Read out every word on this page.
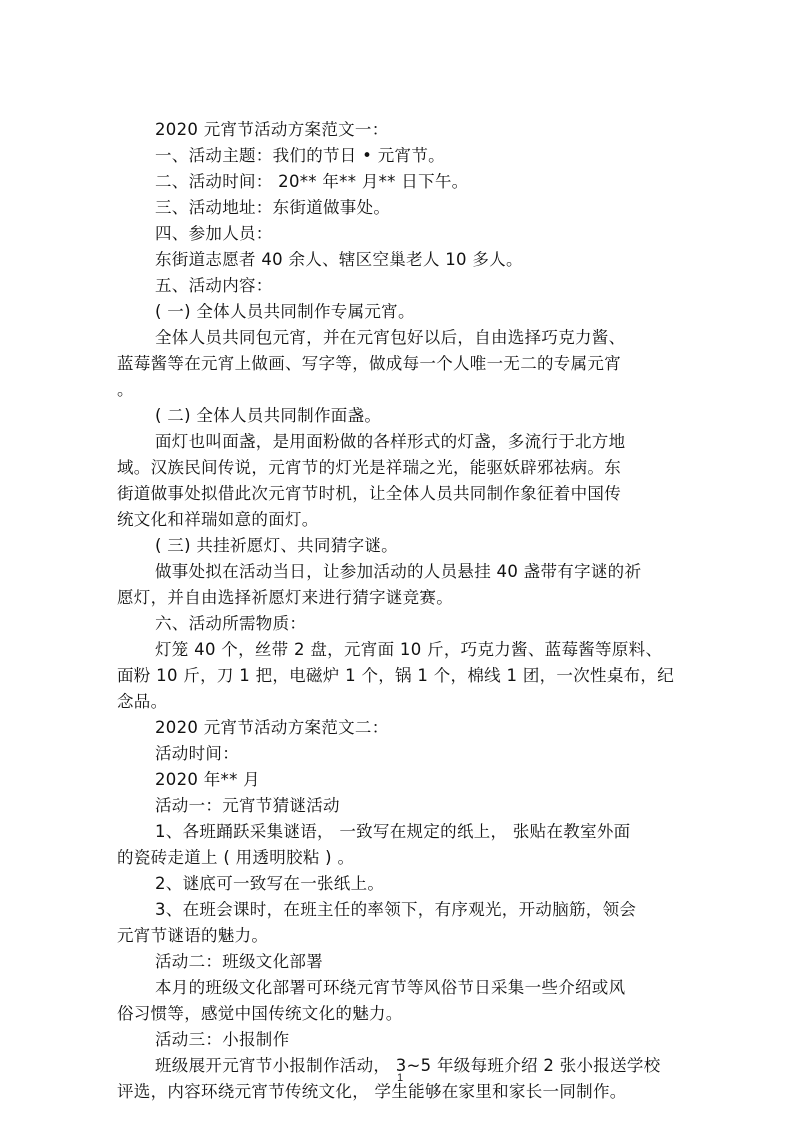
2020 元宵节活动方案范文一：
一、活动主题：我们的节日 • 元宵节。
二、活动时间： 20** 年** 月** 日下午。
三、活动地址：东街道做事处。
四、参加人员：
东街道志愿者 40 余人、辖区空巢老人 10 多人。
五、活动内容：
( 一) 全体人员共同制作专属元宵。
全体人员共同包元宵，并在元宵包好以后，自由选择巧克力酱、
蓝莓酱等在元宵上做画、写字等，做成每一个人唯一无二的专属元宵
。
( 二) 全体人员共同制作面盏。
面灯也叫面盏，是用面粉做的各样形式的灯盏，多流行于北方地
域。汉族民间传说，元宵节的灯光是祥瑞之光，能驱妖辟邪祛病。东
街道做事处拟借此次元宵节时机，让全体人员共同制作象征着中国传
统文化和祥瑞如意的面灯。
( 三) 共挂祈愿灯、共同猜字谜。
做事处拟在活动当日，让参加活动的人员悬挂 40 盏带有字谜的祈
愿灯，并自由选择祈愿灯来进行猜字谜竞赛。
六、活动所需物质：
灯笼 40 个，丝带 2 盘，元宵面 10 斤，巧克力酱、蓝莓酱等原料、
面粉 10 斤，刀 1 把，电磁炉 1 个，锅 1 个，棉线 1 团，一次性桌布，纪
念品。
2020 元宵节活动方案范文二：
活动时间：
2020 年** 月
活动一：元宵节猜谜活动
1、各班踊跃采集谜语， 一致写在规定的纸上， 张贴在教室外面
的瓷砖走道上 ( 用透明胶粘 ) 。
2、谜底可一致写在一张纸上。
3、在班会课时，在班主任的率领下，有序观光，开动脑筋，领会
元宵节谜语的魅力。
活动二：班级文化部署
本月的班级文化部署可环绕元宵节等风俗节日采集一些介绍或风
俗习惯等，感觉中国传统文化的魅力。
活动三：小报制作
班级展开元宵节小报制作活动， 3~5 年级每班介绍 2 张小报送学校
评选，内容环绕元宵节传统文化， 学生能够在家里和家长一同制作。
1
